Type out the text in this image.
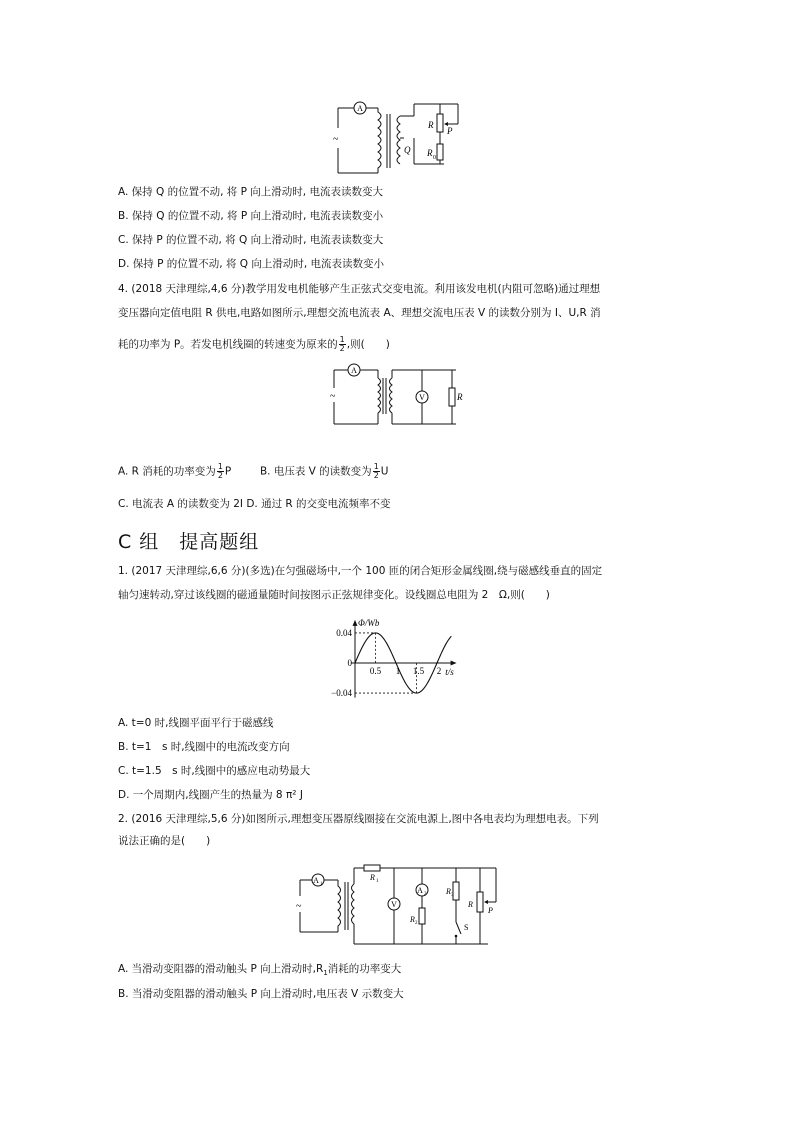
A
~
R
P
Q R 0
A. 保持 Q 的位置不动, 将 P 向上滑动时, 电流表读数变大
B. 保持 Q 的位置不动, 将 P 向上滑动时, 电流表读数变小
C. 保持 P 的位置不动, 将 Q 向上滑动时, 电流表读数变大
D. 保持 P 的位置不动, 将 Q 向上滑动时, 电流表读数变小
4. (2018 天津理综,4,6 分)教学用发电机能够产生正弦式交变电流。利用该发电机(内阻可忽略)通过理想
变压器向定值电阻 R 供电,电路如图所示,理想交流电流表 A、理想交流电压表 V 的读数分别为 I、U,R 消
耗的功率为 P。若发电机线圈的转速变为原来的 $\frac{1}{2}$ ,则(　　)
A
V	R
~
A. R 消耗的功率变为 $\frac{1}{2}$ P	B. 电压表 V 的读数变为 $\frac{1}{2}$ U
C. 电流表 A 的读数变为 2I D. 通过 R 的交变电流频率不变
C 组　提高题组
1. (2017 天津理综,6,6 分)(多选)在匀强磁场中,一个 100 匝的闭合矩形金属线圈,绕与磁感线垂直的固定
轴匀速转动,穿过该线圈的磁通量随时间按图示正弦规律变化。设线圈总电阻为 2　Ω,则(　　)
0.5 1 1.5 2
0.04
0
−0.04
Φ/Wb
t/s
A. t=0 时,线圈平面平行于磁感线
B. t=1　s 时,线圈中的电流改变方向
C. t=1.5　s 时,线圈中的感应电动势最大
D. 一个周期内,线圈产生的热量为 8 π² J
2. (2016 天津理综,5,6 分)如图所示,理想变压器原线圈接在交流电源上,图中各电表均为理想电表。下列
说法正确的是(　　)
A 1
A 2
V
R 1
R 2
R 3
R
P
S
~
A. 当滑动变阻器的滑动触头 P 向上滑动时$,R_1$消耗的功率变大
B. 当滑动变阻器的滑动触头 P 向上滑动时,电压表 V 示数变大
